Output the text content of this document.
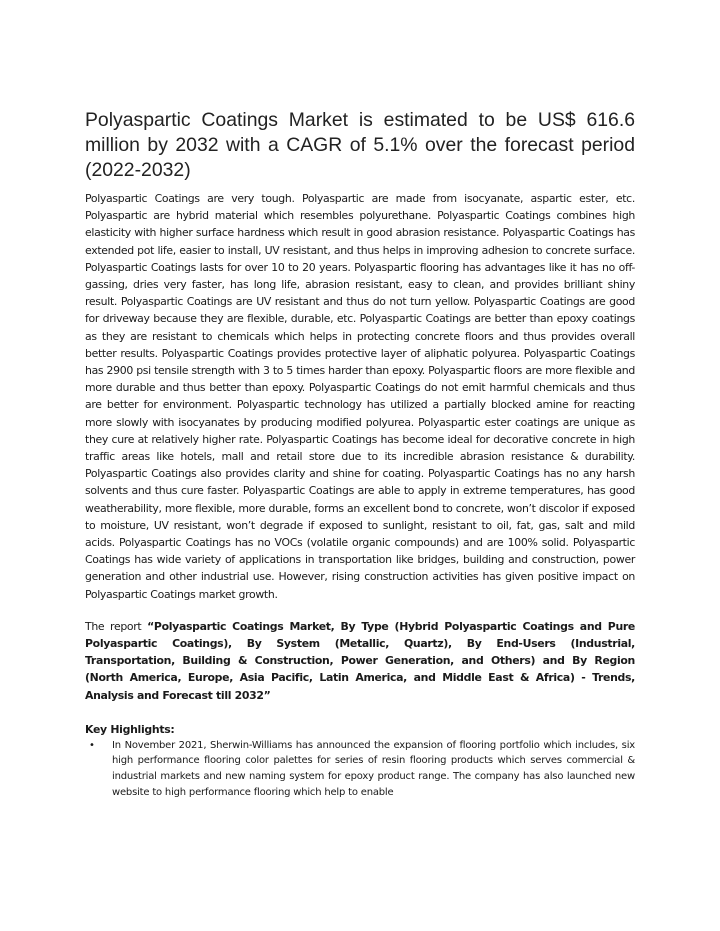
Polyaspartic Coatings Market is estimated to be US$ 616.6 million by 2032 with a CAGR of 5.1% over the forecast period (2022-2032)

Polyaspartic Coatings are very tough. Polyaspartic are made from isocyanate, aspartic ester, etc. Polyaspartic are hybrid material which resembles polyurethane. Polyaspartic Coatings combines high elasticity with higher surface hardness which result in good abrasion resistance. Polyaspartic Coatings has extended pot life, easier to install, UV resistant, and thus helps in improving adhesion to concrete surface. Polyaspartic Coatings lasts for over 10 to 20 years. Polyaspartic flooring has advantages like it has no off-gassing, dries very faster, has long life, abrasion resistant, easy to clean, and provides brilliant shiny result. Polyaspartic Coatings are UV resistant and thus do not turn yellow. Polyaspartic Coatings are good for driveway because they are flexible, durable, etc. Polyaspartic Coatings are better than epoxy coatings as they are resistant to chemicals which helps in protecting concrete floors and thus provides overall better results. Polyaspartic Coatings provides protective layer of aliphatic polyurea. Polyaspartic Coatings has 2900 psi tensile strength with 3 to 5 times harder than epoxy. Polyaspartic floors are more flexible and more durable and thus better than epoxy. Polyaspartic Coatings do not emit harmful chemicals and thus are better for environment. Polyaspartic technology has utilized a partially blocked amine for reacting more slowly with isocyanates by producing modified polyurea. Polyaspartic ester coatings are unique as they cure at relatively higher rate. Polyaspartic Coatings has become ideal for decorative concrete in high traffic areas like hotels, mall and retail store due to its incredible abrasion resistance & durability. Polyaspartic Coatings also provides clarity and shine for coating. Polyaspartic Coatings has no any harsh solvents and thus cure faster. Polyaspartic Coatings are able to apply in extreme temperatures, has good weatherability, more flexible, more durable, forms an excellent bond to concrete, won’t discolor if exposed to moisture, UV resistant, won’t degrade if exposed to sunlight, resistant to oil, fat, gas, salt and mild acids. Polyaspartic Coatings has no VOCs (volatile organic compounds) and are 100% solid. Polyaspartic Coatings has wide variety of applications in transportation like bridges, building and construction, power generation and other industrial use. However, rising construction activities has given positive impact on Polyaspartic Coatings market growth.

The report “Polyaspartic Coatings Market, By Type (Hybrid Polyaspartic Coatings and Pure Polyaspartic Coatings), By System (Metallic, Quartz), By End-Users (Industrial, Transportation, Building & Construction, Power Generation, and Others) and By Region (North America, Europe, Asia Pacific, Latin America, and Middle East & Africa) - Trends, Analysis and Forecast till 2032”

Key Highlights:
• In November 2021, Sherwin-Williams has announced the expansion of flooring portfolio which includes, six high performance flooring color palettes for series of resin flooring products which serves commercial & industrial markets and new naming system for epoxy product range. The company has also launched new website to high performance flooring which help to enable
